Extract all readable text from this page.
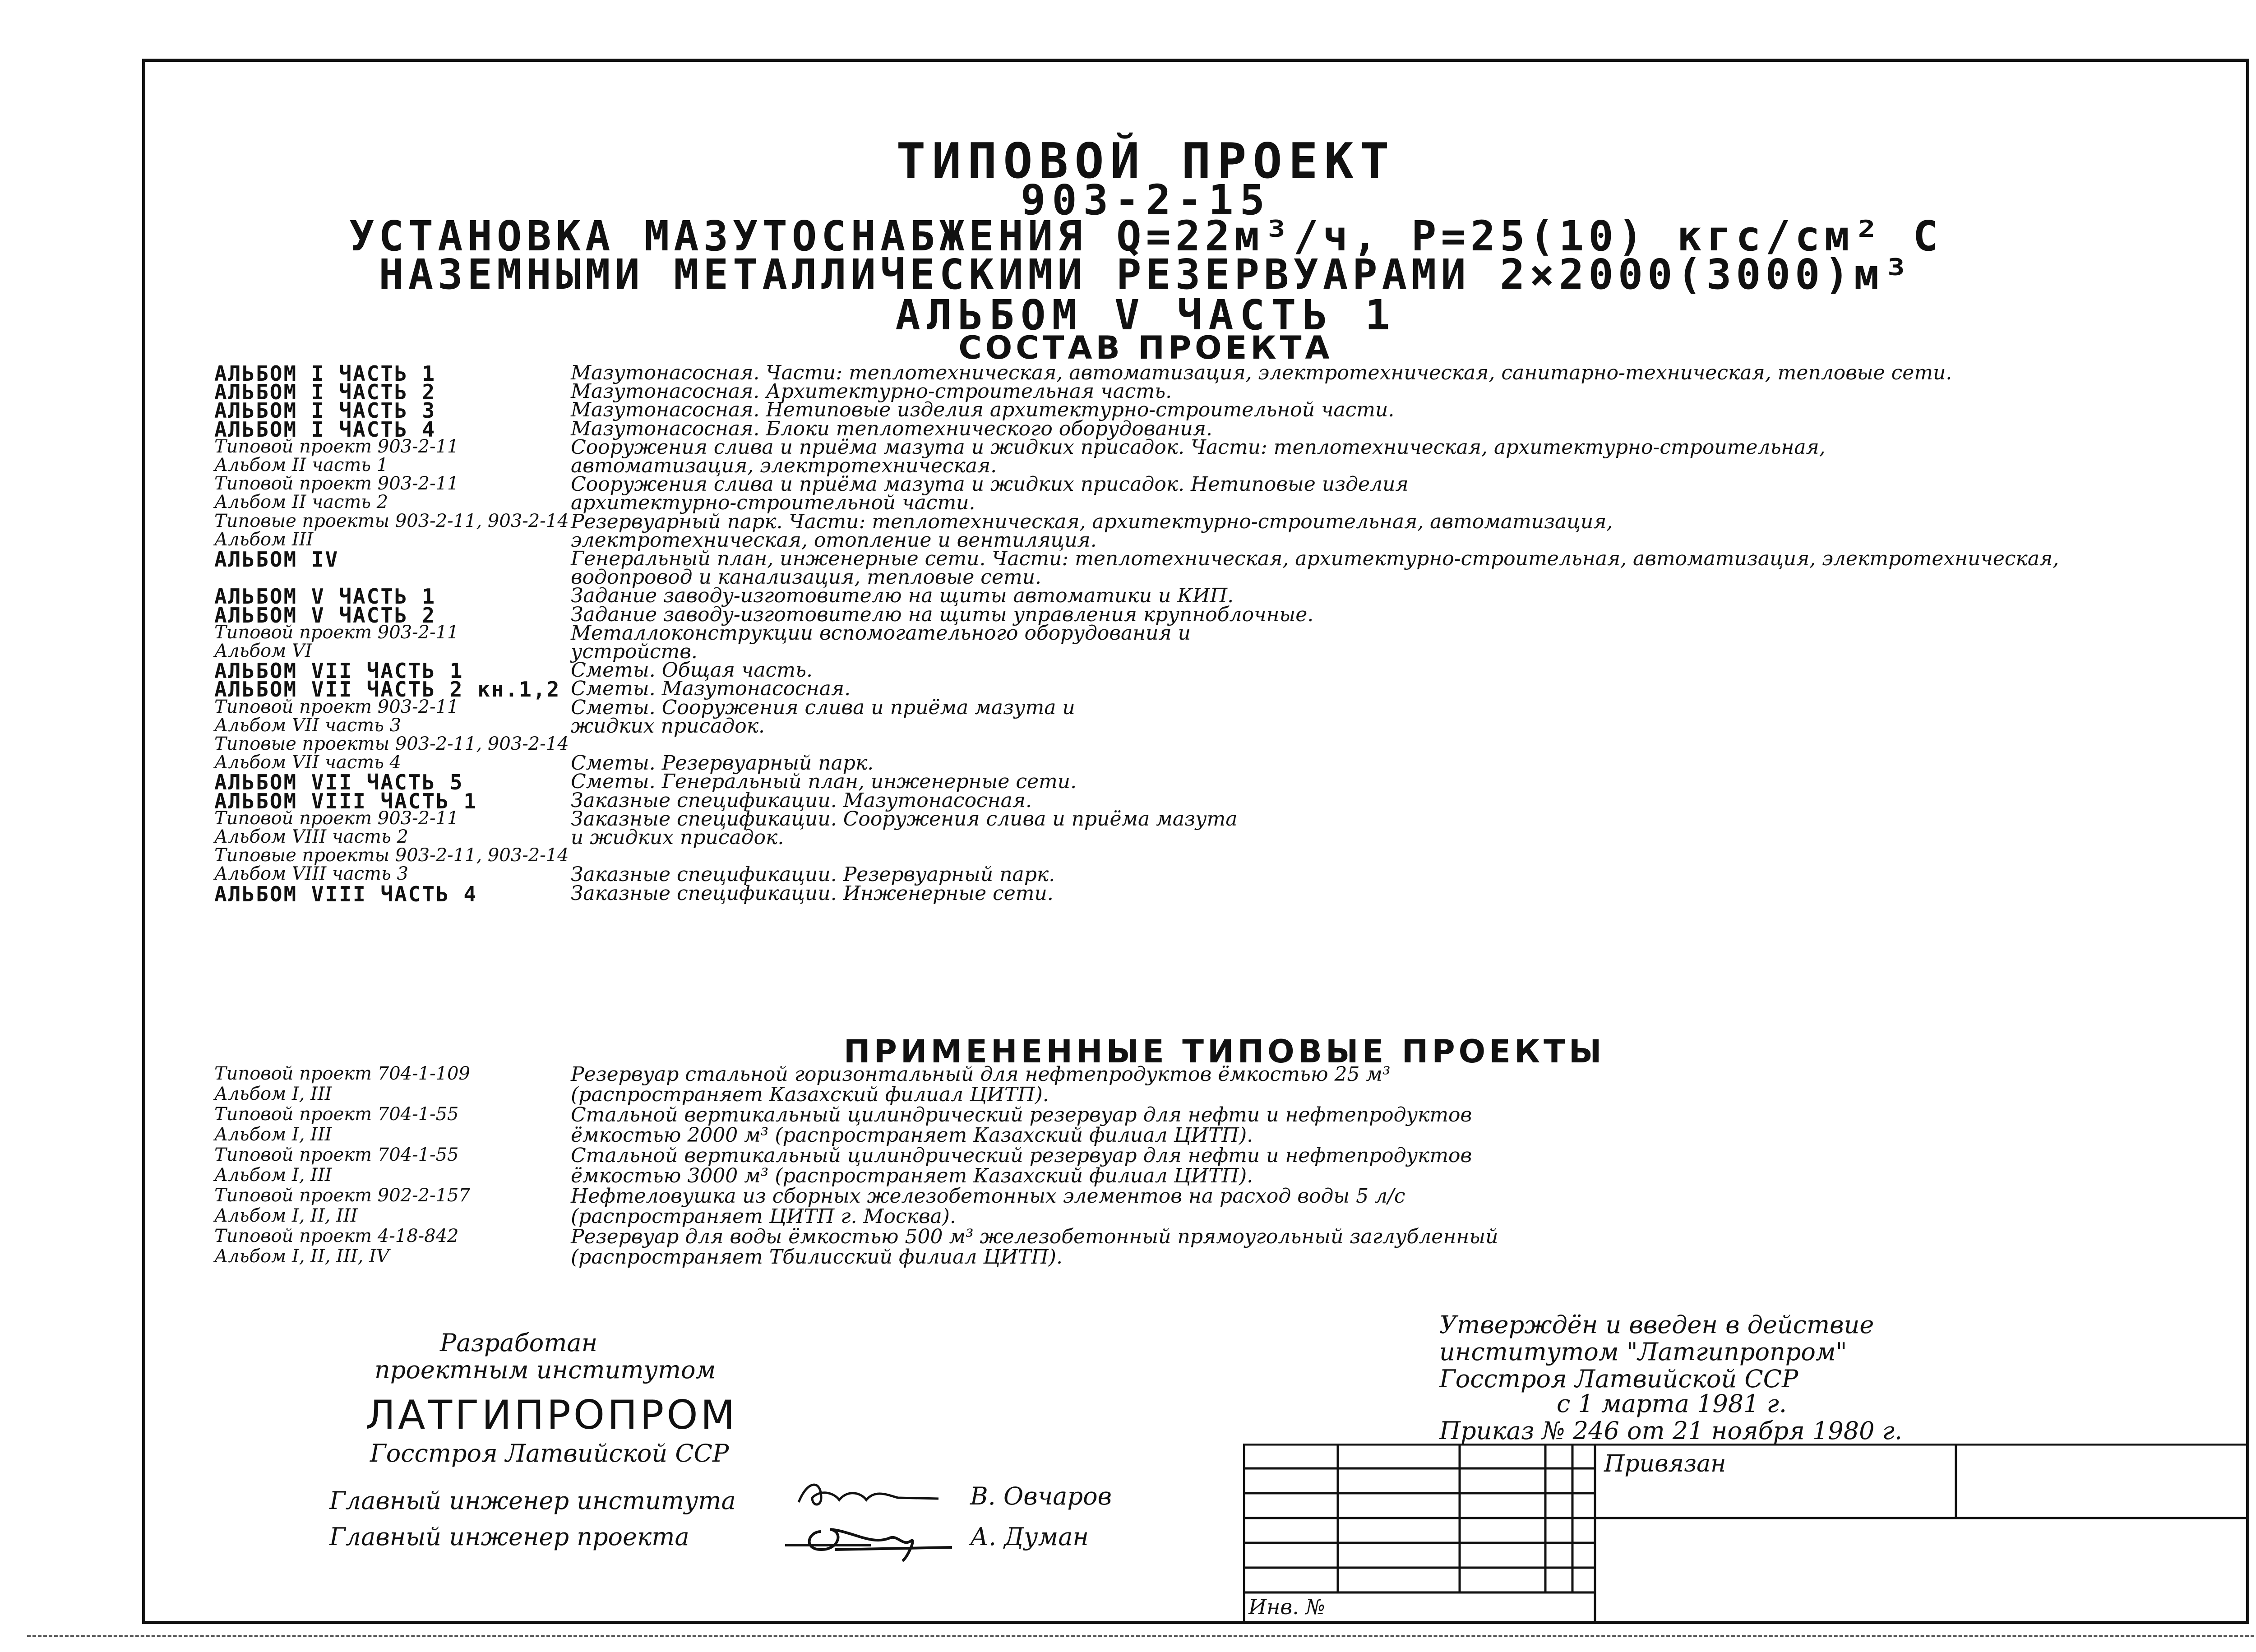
ТИПОВОЙ ПРОЕКТ
903-2-15
УСТАНОВКА МАЗУТОСНАБЖЕНИЯ Q=22м³/ч, P=25(10) кгс/см² С
НАЗЕМНЫМИ МЕТАЛЛИЧЕСКИМИ РЕЗЕРВУАРАМИ 2×2000(3000)м³
АЛЬБОМ V ЧАСТЬ 1
СОСТАВ ПРОЕКТА
АЛЬБОМ I ЧАСТЬ 1	Мазутонасосная. Части: теплотехническая, автоматизация, электротехническая, санитарно-техническая, тепловые сети.
АЛЬБОМ I ЧАСТЬ 2	Мазутонасосная. Архитектурно-строительная часть.
АЛЬБОМ I ЧАСТЬ 3	Мазутонасосная. Нетиповые изделия архитектурно-строительной части.
АЛЬБОМ I ЧАСТЬ 4	Мазутонасосная. Блоки теплотехнического оборудования.
Типовой проект 903-2-11	Сооружения слива и приёма мазута и жидких присадок. Части: теплотехническая, архитектурно-строительная,
Альбом II часть 1	автоматизация, электротехническая.
Типовой проект 903-2-11	Сооружения слива и приёма мазута и жидких присадок. Нетиповые изделия
Альбом II часть 2	архитектурно-строительной части.
Типовые проекты 903-2-11, 903-2-14 Резервуарный парк. Части: теплотехническая, архитектурно-строительная, автоматизация,
Альбом III	электротехническая, отопление и вентиляция.
АЛЬБОМ IV	Генеральный план, инженерные сети. Части: теплотехническая, архитектурно-строительная, автоматизация, электротехническая,
водопровод и канализация, тепловые сети.
АЛЬБОМ V ЧАСТЬ 1	Задание заводу-изготовителю на щиты автоматики и КИП.
АЛЬБОМ V ЧАСТЬ 2	Задание заводу-изготовителю на щиты управления крупноблочные.
Типовой проект 903-2-11	Металлоконструкции вспомогательного оборудования и
Альбом VI	устройств.
АЛЬБОМ VII ЧАСТЬ 1	Сметы. Общая часть.
АЛЬБОМ VII ЧАСТЬ 2 кн.1,2 Сметы. Мазутонасосная.
Типовой проект 903-2-11	Сметы. Сооружения слива и приёма мазута и
Альбом VII часть 3	жидких присадок.
Типовые проекты 903-2-11, 903-2-14
Альбом VII часть 4	Сметы. Резервуарный парк.
АЛЬБОМ VII ЧАСТЬ 5	Сметы. Генеральный план, инженерные сети.
АЛЬБОМ VIII ЧАСТЬ 1	Заказные спецификации. Мазутонасосная.
Типовой проект 903-2-11	Заказные спецификации. Сооружения слива и приёма мазута
Альбом VIII часть 2	и жидких присадок.
Типовые проекты 903-2-11, 903-2-14
Альбом VIII часть 3	Заказные спецификации. Резервуарный парк.
АЛЬБОМ VIII ЧАСТЬ 4	Заказные спецификации. Инженерные сети.
ПРИМЕНЕННЫЕ ТИПОВЫЕ ПРОЕКТЫ
Типовой проект 704-1-109	Резервуар стальной горизонтальный для нефтепродуктов ёмкостью 25 м³
Альбом I, III	(распространяет Казахский филиал ЦИТП).
Типовой проект 704-1-55	Стальной вертикальный цилиндрический резервуар для нефти и нефтепродуктов
Альбом I, III	ёмкостью 2000 м³ (распространяет Казахский филиал ЦИТП).
Типовой проект 704-1-55	Стальной вертикальный цилиндрический резервуар для нефти и нефтепродуктов
Альбом I, III	ёмкостью 3000 м³ (распространяет Казахский филиал ЦИТП).
Типовой проект 902-2-157	Нефтеловушка из сборных железобетонных элементов на расход воды 5 л/с
Альбом I, II, III	(распространяет ЦИТП г. Москва).
Типовой проект 4-18-842	Резервуар для воды ёмкостью 500 м³ железобетонный прямоугольный заглубленный
Альбом I, II, III, IV	(распространяет Тбилисский филиал ЦИТП).
Разработан
проектным институтом
ЛАТГИПРОПРОМ
Госстроя Латвийской ССР
Утверждён и введен в действие
институтом "Латгипропром"
Госстроя Латвийской ССР
с 1 марта 1981 г.
Приказ № 246 от 21 ноября 1980 г.
Главный инженер института	В. Овчаров
Главный инженер проекта	А. Думан
Привязан
Инв. №
